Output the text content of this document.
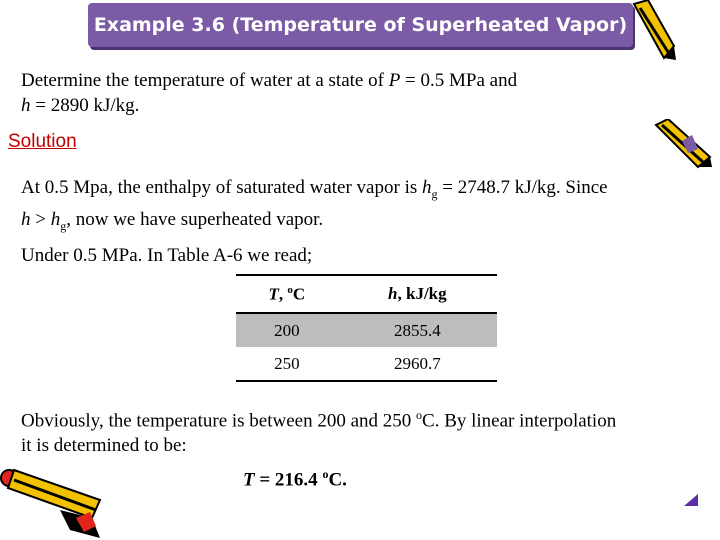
Example 3.6 (Temperature of Superheated Vapor)
Determine the temperature of water at a state of P = 0.5 MPa and
h = 2890 kJ/kg.
Solution
At 0.5 Mpa, the enthalpy of saturated water vapor is $h_g = 2748.7$ kJ/kg. Since
$h > h_g$, now we have superheated vapor.
Under 0.5 MPa. In Table A-6 we read;
T, $^o$C	h, kJ/kg
200	2855.4
250	2960.7
Obviously, the temperature is between 200 and 250 $^o$C. By linear interpolation
it is determined to be:
T = 216.4 $^o$C.
